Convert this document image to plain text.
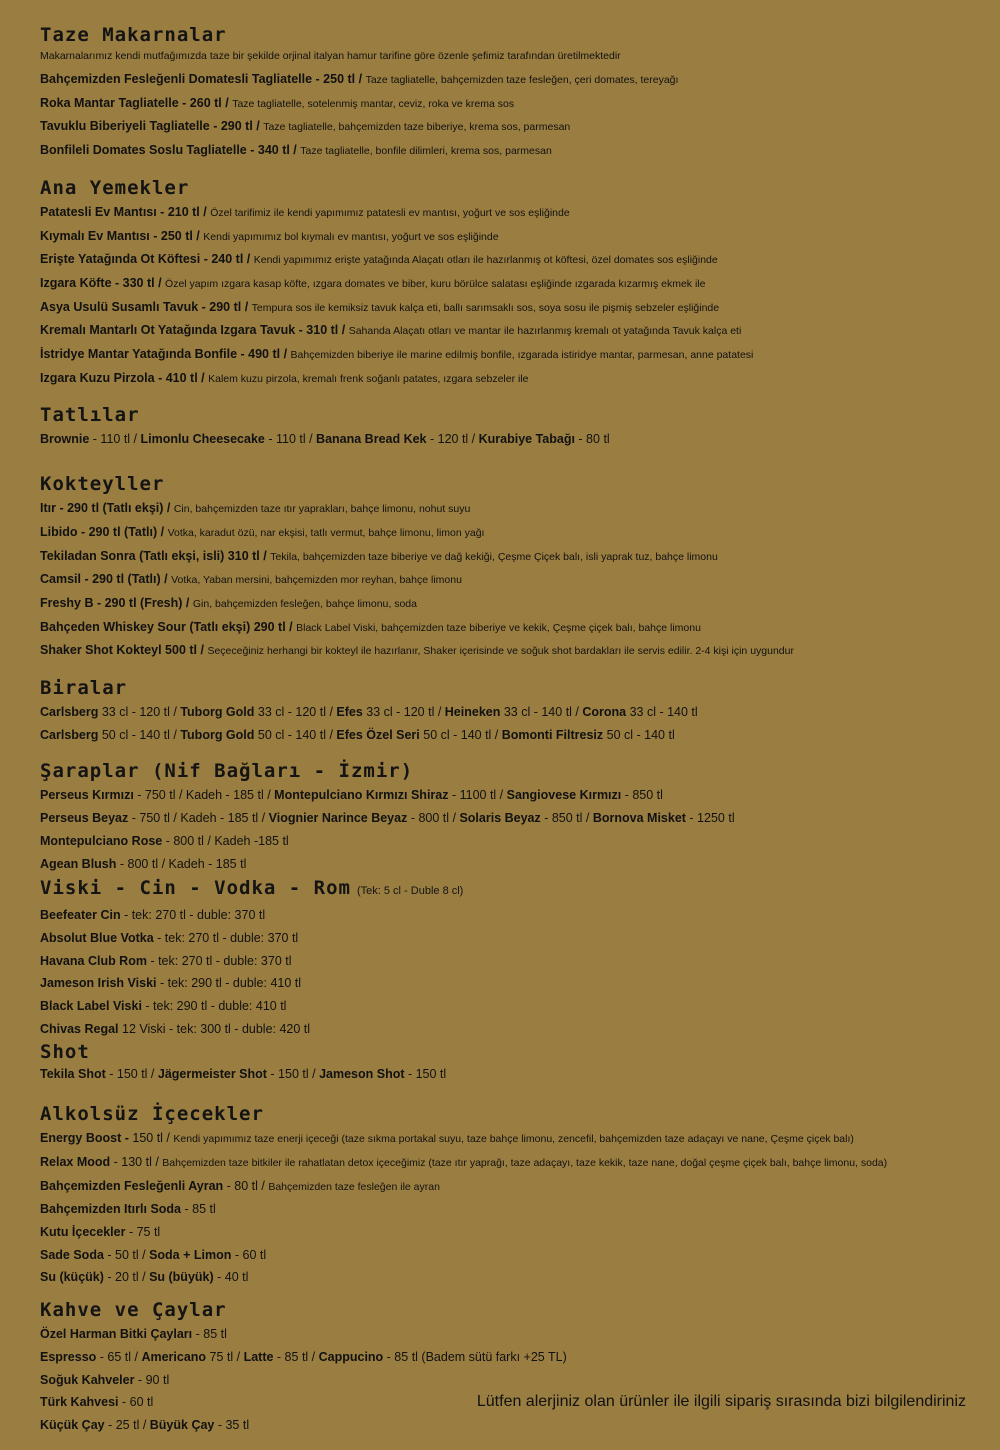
Taze Makarnalar
Makarnalarımız kendi mutfağımızda taze bir şekilde orjinal italyan hamur tarifine göre özenle şefimiz tarafından üretilmektedir
Bahçemizden Fesleğenli Domatesli Tagliatelle - 250 tl / Taze tagliatelle, bahçemizden taze fesleğen, çeri domates, tereyağı
Roka Mantar Tagliatelle - 260 tl / Taze tagliatelle, sotelenmiş mantar, ceviz, roka ve krema sos
Tavuklu Biberiyeli Tagliatelle - 290 tl / Taze tagliatelle, bahçemizden taze biberiye, krema sos, parmesan
Bonfileli Domates Soslu Tagliatelle - 340 tl / Taze tagliatelle, bonfile dilimleri, krema sos, parmesan
Ana Yemekler
Patatesli Ev Mantısı - 210 tl / Özel tarifimiz ile kendi yapımımız patatesli ev mantısı, yoğurt ve sos eşliğinde
Kıymalı Ev Mantısı - 250 tl / Kendi yapımımız bol kıymalı ev mantısı, yoğurt ve sos eşliğinde
Erişte Yatağında Ot Köftesi - 240 tl / Kendi yapımımız erişte yatağında Alaçatı otları ile hazırlanmış ot köftesi, özel domates sos eşliğinde
Izgara Köfte - 330 tl / Özel yapım ızgara kasap köfte, ızgara domates ve biber, kuru börülce salatası eşliğinde ızgarada kızarmış ekmek ile
Asya Usulü Susamlı Tavuk - 290 tl / Tempura sos ile kemiksiz tavuk kalça eti, ballı sarımsaklı sos, soya sosu ile pişmiş sebzeler eşliğinde
Kremalı Mantarlı Ot Yatağında Izgara Tavuk - 310 tl / Sahanda Alaçatı otları ve mantar ile hazırlanmış kremalı ot yatağında Tavuk kalça eti
İstridye Mantar Yatağında Bonfile - 490 tl / Bahçemizden biberiye ile marine edilmiş bonfile, ızgarada istiridye mantar, parmesan, anne patatesi
Izgara Kuzu Pirzola - 410 tl / Kalem kuzu pirzola, kremalı frenk soğanlı patates, ızgara sebzeler ile
Tatlılar
Brownie - 110 tl / Limonlu Cheesecake - 110 tl / Banana Bread Kek - 120 tl / Kurabiye Tabağı - 80 tl
Kokteyller
Itır - 290 tl (Tatlı ekşi) / Cin, bahçemizden taze ıtır yaprakları, bahçe limonu, nohut suyu
Libido - 290 tl (Tatlı) / Votka, karadut özü, nar ekşisi, tatlı vermut, bahçe limonu, limon yağı
Tekiladan Sonra (Tatlı ekşi, isli) 310 tl / Tekila, bahçemizden taze biberiye ve dağ kekiği, Çeşme Çiçek balı, isli yaprak tuz, bahçe limonu
Camsil - 290 tl (Tatlı) / Votka, Yaban mersini, bahçemizden mor reyhan, bahçe limonu
Freshy B - 290 tl (Fresh) / Gin, bahçemizden fesleğen, bahçe limonu, soda
Bahçeden Whiskey Sour (Tatlı ekşi) 290 tl / Black Label Viski, bahçemizden taze biberiye ve kekik, Çeşme çiçek balı, bahçe limonu
Shaker Shot Kokteyl 500 tl / Seçeceğiniz herhangi bir kokteyl ile hazırlanır, Shaker içerisinde ve soğuk shot bardakları ile servis edilir. 2-4 kişi için uygundur
Biralar
Carlsberg 33 cl - 120 tl / Tuborg Gold 33 cl - 120 tl / Efes 33 cl - 120 tl / Heineken 33 cl - 140 tl / Corona 33 cl - 140 tl
Carlsberg 50 cl - 140 tl / Tuborg Gold 50 cl - 140 tl / Efes Özel Seri 50 cl - 140 tl / Bomonti Filtresiz 50 cl - 140 tl
Şaraplar (Nif Bağları - İzmir)
Perseus Kırmızı - 750 tl / Kadeh - 185 tl / Montepulciano Kırmızı Shiraz - 1100 tl / Sangiovese Kırmızı - 850 tl
Perseus Beyaz - 750 tl / Kadeh - 185 tl / Viognier Narince Beyaz - 800 tl / Solaris Beyaz - 850 tl / Bornova Misket - 1250 tl
Montepulciano Rose - 800 tl / Kadeh -185 tl
Agean Blush - 800 tl / Kadeh - 185 tl
Viski - Cin - Vodka - Rom (Tek: 5 cl - Duble 8 cl)
Beefeater Cin - tek: 270 tl - duble: 370 tl
Absolut Blue Votka - tek: 270 tl - duble: 370 tl
Havana Club Rom - tek: 270 tl - duble: 370 tl
Jameson Irish Viski - tek: 290 tl - duble: 410 tl
Black Label Viski - tek: 290 tl - duble: 410 tl
Chivas Regal 12 Viski - tek: 300 tl - duble: 420 tl
Shot
Tekila Shot - 150 tl / Jägermeister Shot - 150 tl / Jameson Shot - 150 tl
Alkolsüz İçecekler
Energy Boost - 150 tl / Kendi yapımımız taze enerji içeceği (taze sıkma portakal suyu, taze bahçe limonu, zencefil, bahçemizden taze adaçayı ve nane, Çeşme çiçek balı)
Relax Mood - 130 tl / Bahçemizden taze bitkiler ile rahatlatan detox içeceğimiz (taze ıtır yaprağı, taze adaçayı, taze kekik, taze nane, doğal çeşme çiçek balı, bahçe limonu, soda)
Bahçemizden Fesleğenli Ayran - 80 tl / Bahçemizden taze fesleğen ile ayran
Bahçemizden Itırlı Soda - 85 tl
Kutu İçecekler - 75 tl
Sade Soda - 50 tl / Soda + Limon - 60 tl
Su (küçük) - 20 tl / Su (büyük) - 40 tl
Kahve ve Çaylar
Özel Harman Bitki Çayları - 85 tl
Espresso - 65 tl / Americano 75 tl / Latte - 85 tl / Cappucino - 85 tl (Badem sütü farkı +25 TL)
Soğuk Kahveler - 90 tl
Türk Kahvesi - 60 tl
Küçük Çay - 25 tl / Büyük Çay - 35 tl
Lütfen alerjiniz olan ürünler ile ilgili sipariş sırasında bizi bilgilendiriniz
